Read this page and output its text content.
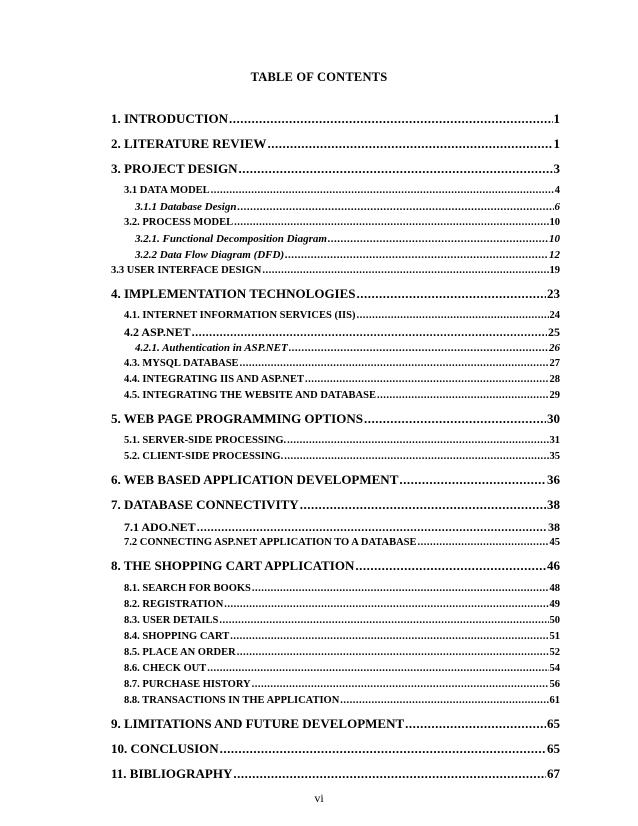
TABLE OF CONTENTS
1. INTRODUCTION .....	1
2. LITERATURE REVIEW .....	1
3. PROJECT DESIGN .....	3
3.1 DATA MODEL .....	4
3.1.1 Database Design .....	6
3.2. PROCESS MODEL .....	10
3.2.1. Functional Decomposition Diagram .....	10
3.2.2 Data Flow Diagram (DFD) .....	12
3.3 USER INTERFACE DESIGN .....	19
4. IMPLEMENTATION TECHNOLOGIES .....	23
4.1. INTERNET INFORMATION SERVICES (IIS) .....	24
4.2 ASP.NET .....	25
4.2.1. Authentication in ASP.NET .....	26
4.3. MYSQL DATABASE .....	27
4.4. INTEGRATING IIS AND ASP.NET .....	28
4.5. INTEGRATING THE WEBSITE AND DATABASE .....	29
5. WEB PAGE PROGRAMMING OPTIONS .....	30
5.1. SERVER-SIDE PROCESSING. .....	31
5.2. CLIENT-SIDE PROCESSING. .....	35
6. WEB BASED APPLICATION DEVELOPMENT .....	36
7. DATABASE CONNECTIVITY .....	38
7.1 ADO.NET .....	38
7.2 CONNECTING ASP.NET APPLICATION TO A DATABASE .....	45
8. THE SHOPPING CART APPLICATION .....	46
8.1. SEARCH FOR BOOKS .....	48
8.2. REGISTRATION .....	49
8.3. USER DETAILS .....	50
8.4. SHOPPING CART .....	51
8.5. PLACE AN ORDER .....	52
8.6. CHECK OUT .....	54
8.7. PURCHASE HISTORY .....	56
8.8. TRANSACTIONS IN THE APPLICATION .....	61
9. LIMITATIONS AND FUTURE DEVELOPMENT .....	65
10. CONCLUSION .....	65
11. BIBLIOGRAPHY .....	67
vi
